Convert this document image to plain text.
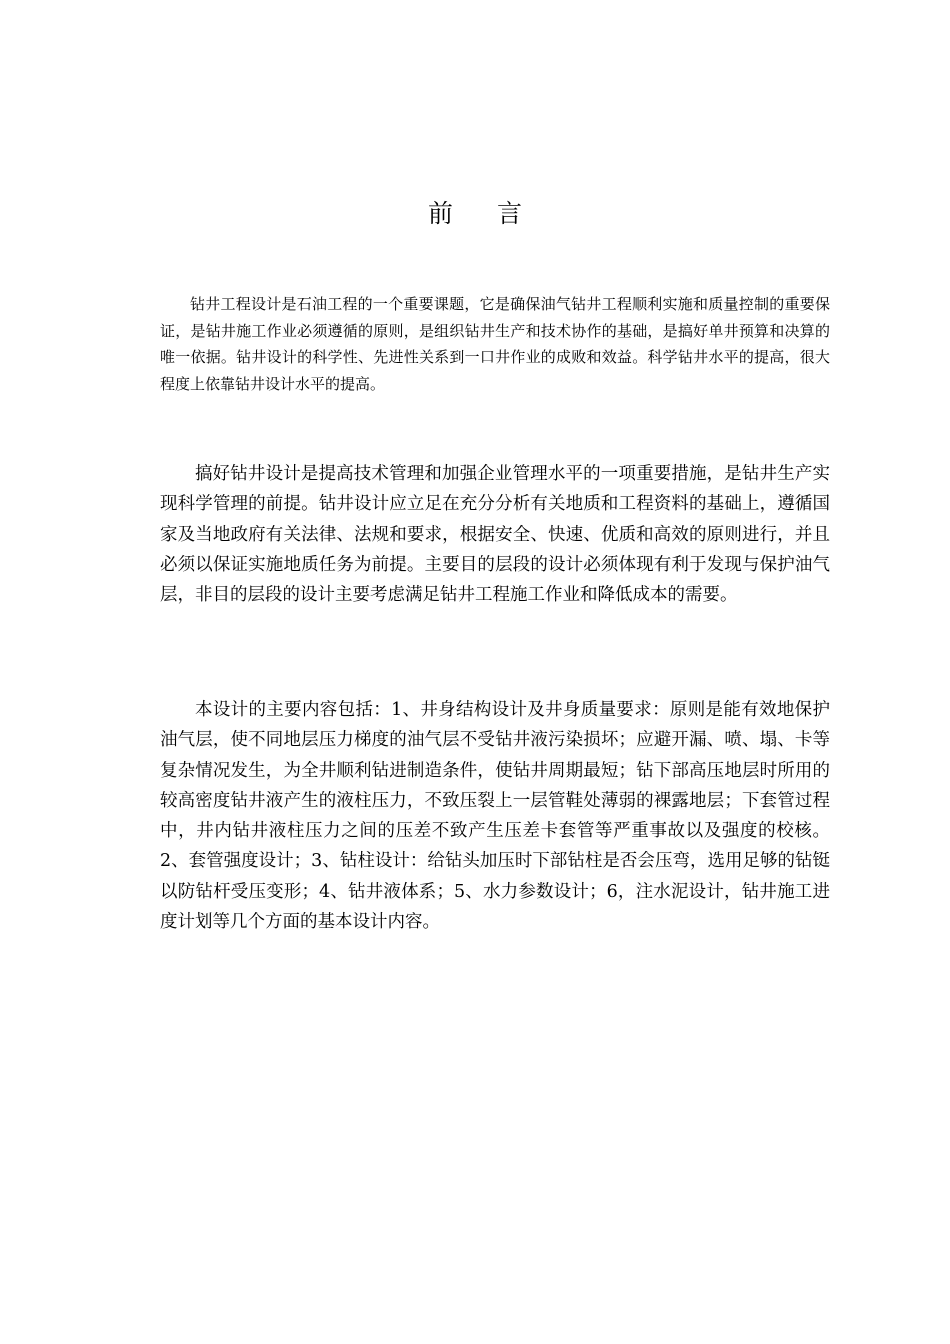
前 言

钻井工程设计是石油工程的一个重要课题，它是确保油气钻井工程顺利实施和质量控制的重要保证，是钻井施工作业必须遵循的原则，是组织钻井生产和技术协作的基础，是搞好单井预算和决算的唯一依据。钻井设计的科学性、先进性关系到一口井作业的成败和效益。科学钻井水平的提高，很大程度上依靠钻井设计水平的提高。

搞好钻井设计是提高技术管理和加强企业管理水平的一项重要措施，是钻井生产实现科学管理的前提。钻井设计应立足在充分分析有关地质和工程资料的基础上，遵循国家及当地政府有关法律、法规和要求，根据安全、快速、优质和高效的原则进行，并且必须以保证实施地质任务为前提。主要目的层段的设计必须体现有利于发现与保护油气层，非目的层段的设计主要考虑满足钻井工程施工作业和降低成本的需要。

本设计的主要内容包括：1、井身结构设计及井身质量要求：原则是能有效地保护油气层，使不同地层压力梯度的油气层不受钻井液污染损坏；应避开漏、喷、塌、卡等复杂情况发生，为全井顺利钻进制造条件，使钻井周期最短；钻下部高压地层时所用的较高密度钻井液产生的液柱压力，不致压裂上一层管鞋处薄弱的裸露地层；下套管过程中，井内钻井液柱压力之间的压差不致产生压差卡套管等严重事故以及强度的校核。2、套管强度设计；3、钻柱设计：给钻头加压时下部钻柱是否会压弯，选用足够的钻铤以防钻杆受压变形；4、钻井液体系；5、水力参数设计；6，注水泥设计，钻井施工进度计划等几个方面的基本设计内容。
